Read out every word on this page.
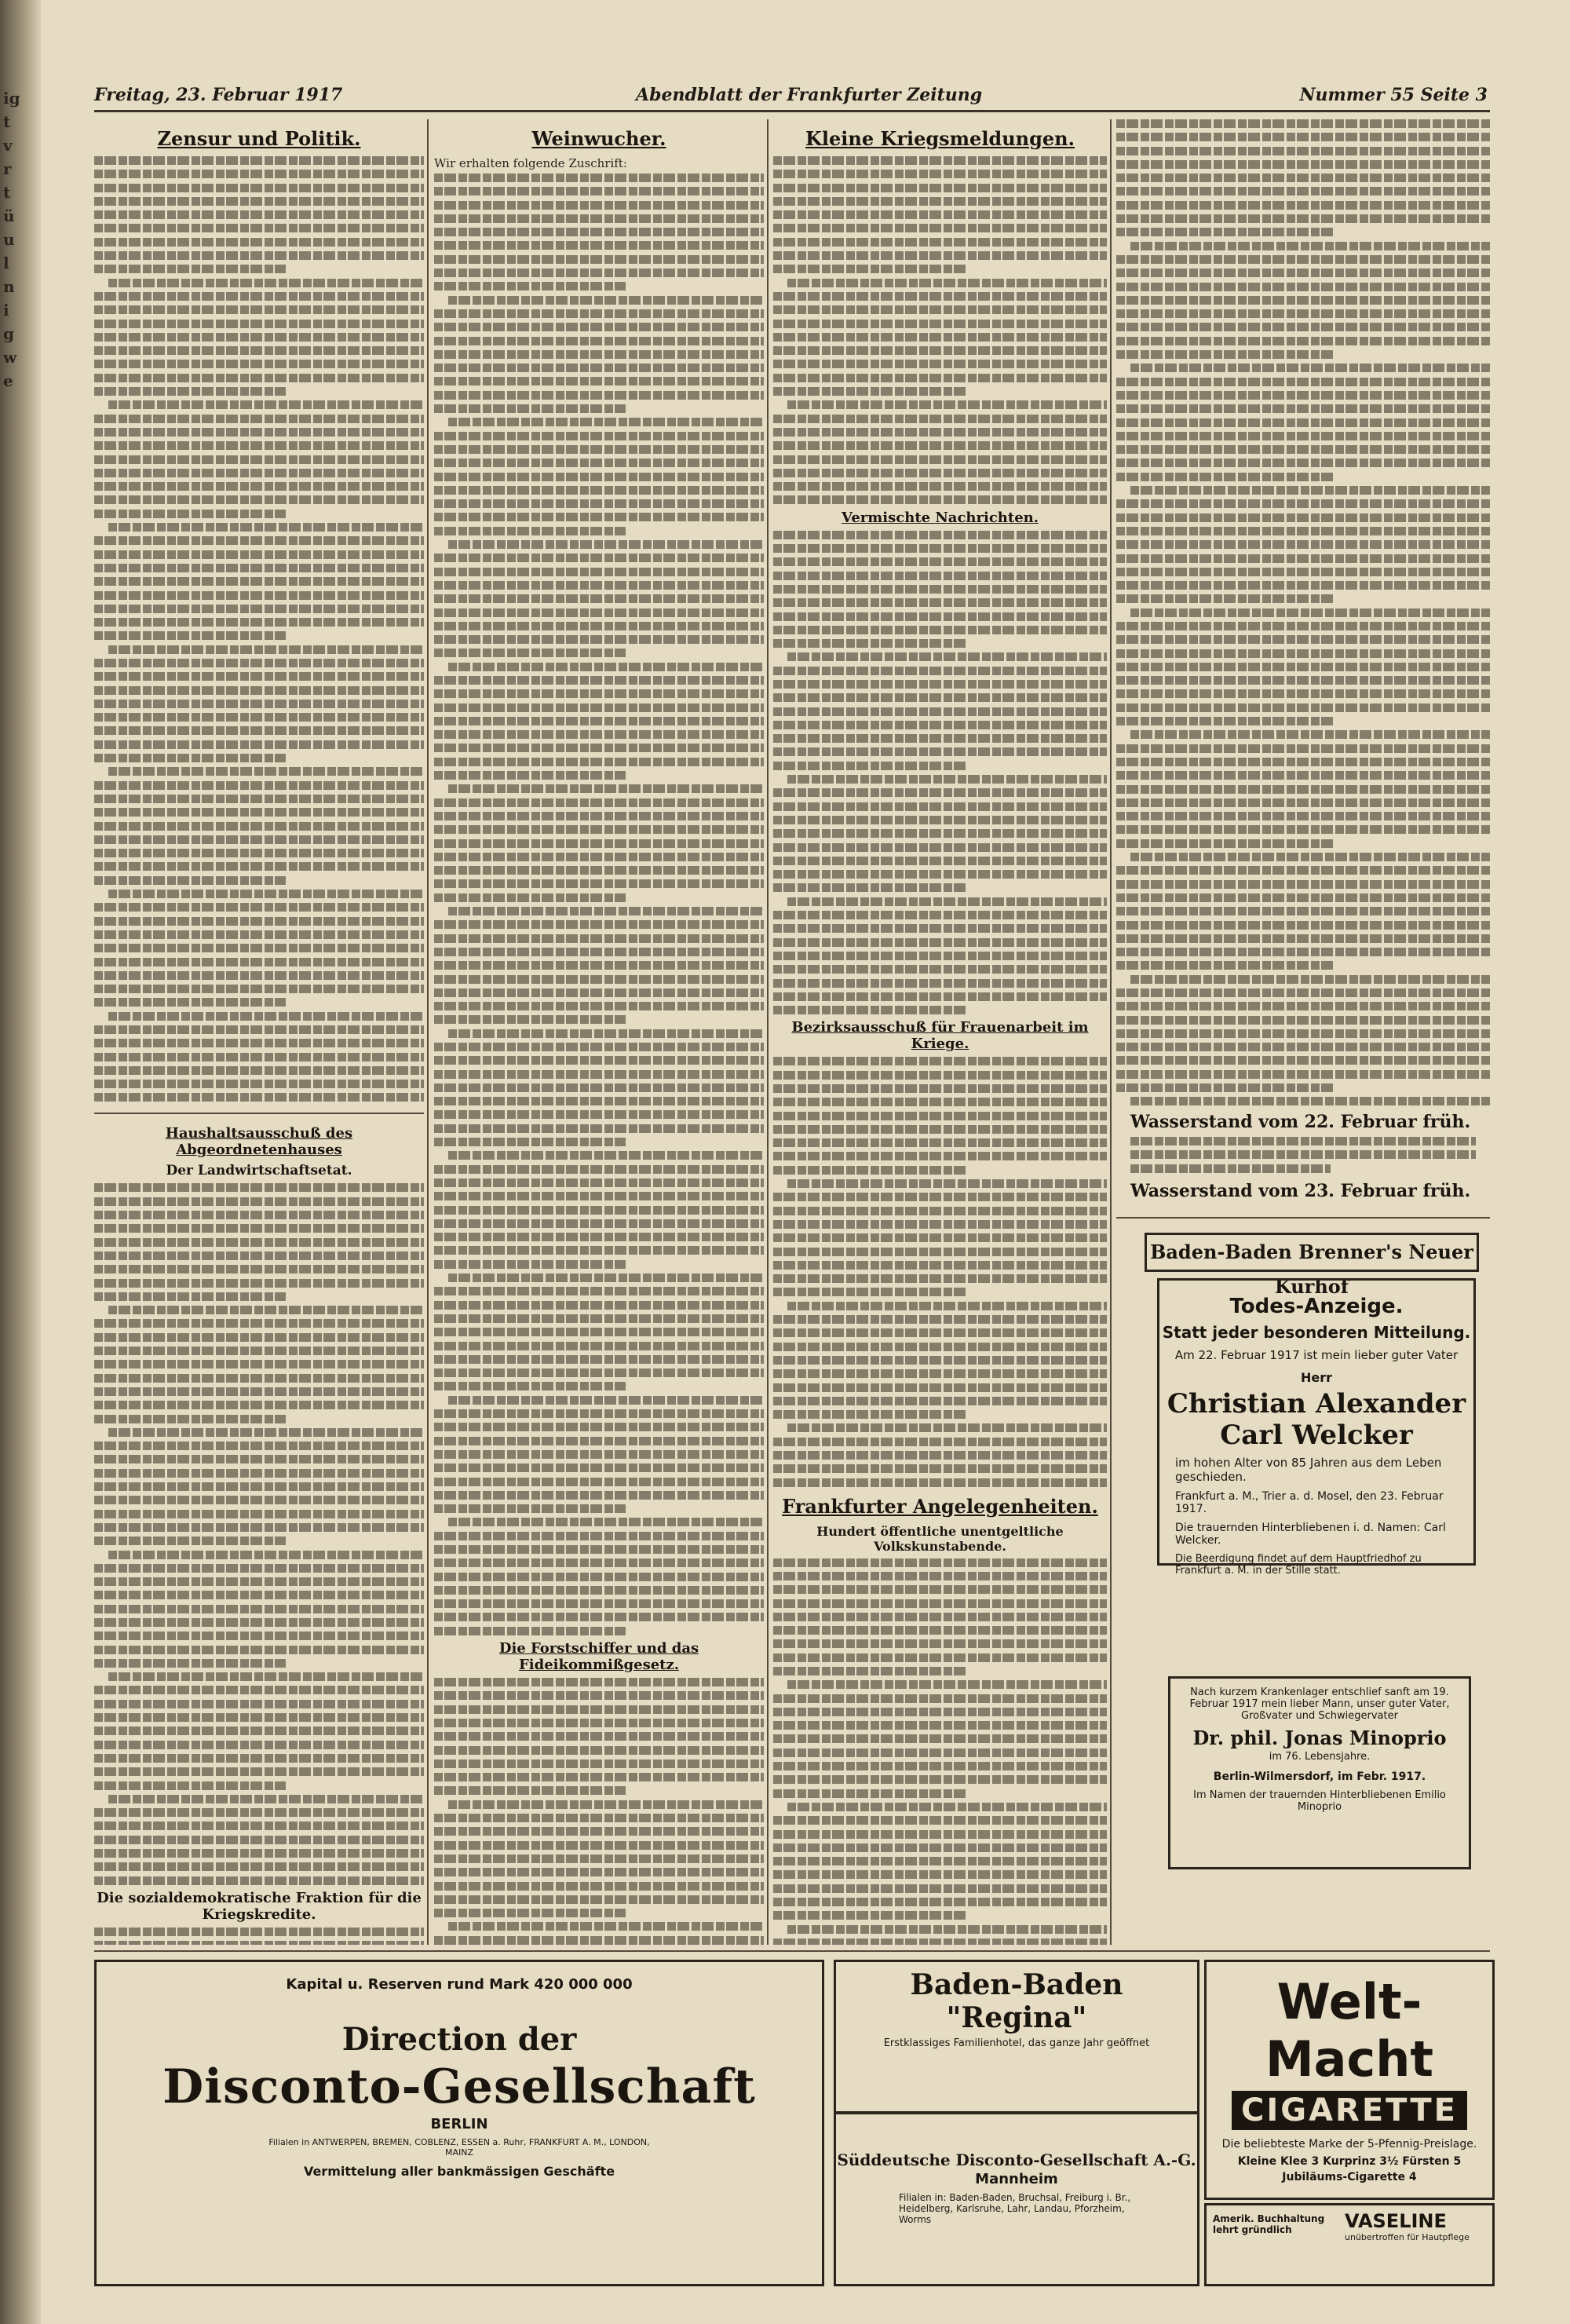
ig
t
v
r
t
ü
u
l
n
i
g
w
e
Freitag, 23. Februar 1917	Abendblatt der Frankfurter Zeitung	Nummer 55 Seite 3
Zensur und Politik.
Haushaltsausschuß des Abgeordnetenhauses
Der Landwirtschaftsetat.
Die sozialdemokratische Fraktion für die Kriegskredite.
Weinwucher.
Wir erhalten folgende Zuschrift:
Die Forstschiffer und das Fideikommißgesetz.
Kleine Kriegsmeldungen.
Vermischte Nachrichten.
Bezirksausschuß für Frauenarbeit im Kriege.
Frankfurter Angelegenheiten.
Hundert öffentliche unentgeltliche Volkskunstabende.
Wasserstand vom 22. Februar früh.
Wasserstand vom 23. Februar früh.
Baden-Baden Brenner's Neuer Kurhof
Todes-Anzeige.
Statt jeder besonderen Mitteilung.
Am 22. Februar 1917 ist mein lieber guter Vater
Herr
Christian Alexander Carl Welcker
im hohen Alter von 85 Jahren aus dem Leben geschieden.
Frankfurt a. M., Trier a. d. Mosel, den 23. Februar 1917.
Die trauernden Hinterbliebenen i. d. Namen: Carl Welcker.
Die Beerdigung findet auf dem Hauptfriedhof zu Frankfurt a. M. in der Stille statt.
Nach kurzem Krankenlager entschlief sanft am 19. Februar 1917 mein lieber Mann, unser guter Vater, Großvater und Schwiegervater
Dr. phil. Jonas Minoprio
im 76. Lebensjahre.
Berlin-Wilmersdorf, im Febr. 1917.
Im Namen der trauernden Hinterbliebenen Emilio Minoprio
Kapital u. Reserven rund Mark 420 000 000
Direction der
Disconto-Gesellschaft
BERLIN
Filialen in ANTWERPEN, BREMEN, COBLENZ, ESSEN a. Ruhr, FRANKFURT A. M., LONDON, MAINZ
Vermittelung aller bankmässigen Geschäfte
Baden-Baden "Regina"
Erstklassiges Familienhotel, das ganze Jahr geöffnet
Süddeutsche Disconto-Gesellschaft A.-G.
Mannheim
Filialen in: Baden-Baden, Bruchsal, Freiburg i. Br., Heidelberg, Karlsruhe, Lahr, Landau, Pforzheim, Worms
Welt-Macht
CIGARETTE
Die beliebteste Marke der 5-Pfennig-Preislage.
Kleine Klee 3 Kurprinz 3½ Fürsten 5
Jubiläums-Cigarette 4
Amerik. Buchhaltung lehrt gründlich	VASELINE
unübertroffen für Hautpflege
